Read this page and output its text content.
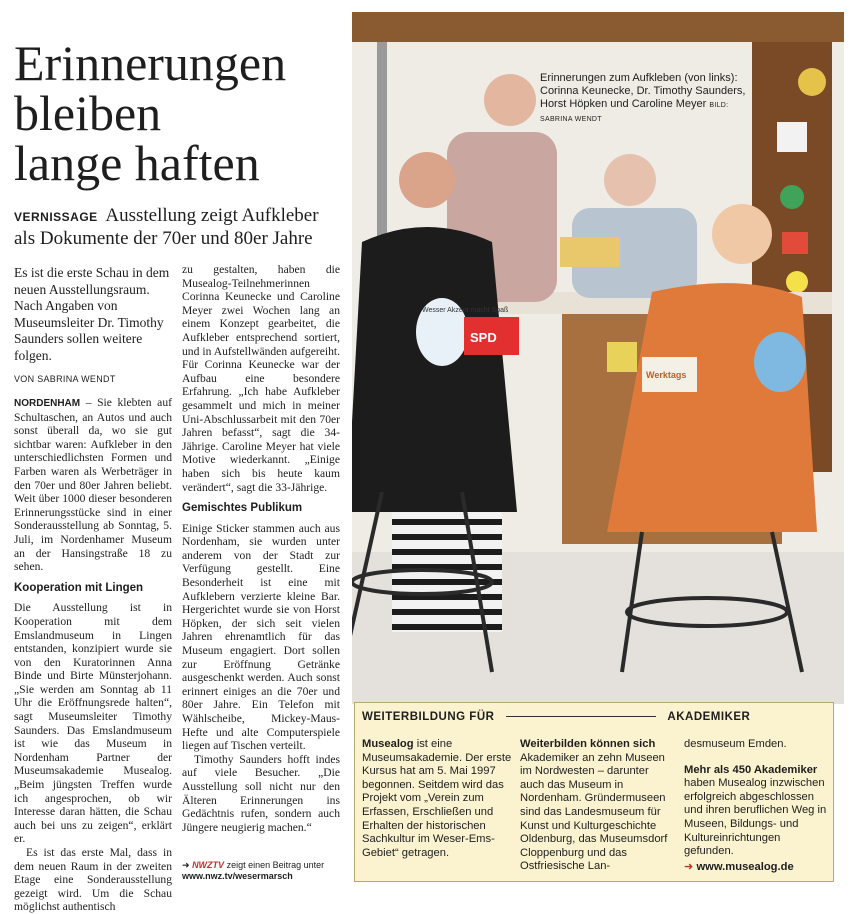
Erinnerungen
bleiben
lange haften
VERNISSAGE Ausstellung zeigt Aufkleber als Dokumente der 70er und 80er Jahre
Es ist die erste Schau in dem neuen Ausstellungsraum. Nach Angaben von Museumsleiter Dr. Timothy Saunders sollen weitere folgen.
VON SABRINA WENDT

NORDENHAM – Sie klebten auf Schultaschen, an Autos und auch sonst überall da, wo sie gut sichtbar waren: Aufkleber in den unterschiedlichsten Formen und Farben waren als Werbeträger in den 70er und 80er Jahren beliebt. Weit über 1000 dieser besonderen Erinnerungsstücke sind in einer Sonderausstellung ab Sonntag, 5. Juli, im Nordenhamer Museum an der Hansingstraße 18 zu sehen.

Kooperation mit Lingen

Die Ausstellung ist in Kooperation mit dem Emslandmuseum in Lingen entstanden, konzipiert wurde sie von den Kuratorinnen Anna Binde und Birte Münsterjohann. „Sie werden am Sonntag ab 11 Uhr die Eröffnungsrede halten“, sagt Museumsleiter Timothy Saunders. Das Emslandmuseum ist wie das Museum in Nordenham Partner der Museumsakademie Musealog. „Beim jüngsten Treffen wurde ich angesprochen, ob wir Interesse daran hätten, die Schau auch bei uns zu zeigen“, erklärt er.

Es ist das erste Mal, dass in dem neuen Raum in der zweiten Etage eine Sonderausstellung gezeigt wird. Um die Schau möglichst authentisch

zu gestalten, haben die Musealog-Teilnehmerinnen Corinna Keunecke und Caroline Meyer zwei Wochen lang an einem Konzept gearbeitet, die Aufkleber entsprechend sortiert, und in Aufstellwänden aufgereiht. Für Corinna Keunecke war der Aufbau eine besondere Erfahrung. „Ich habe Aufkleber gesammelt und mich in meiner Uni-Abschlussarbeit mit den 70er Jahren befasst“, sagt die 34-Jährige. Caroline Meyer hat viele Motive wiederkannt. „Einige haben sich bis heute kaum verändert“, sagt die 33-Jährige.

Gemischtes Publikum

Einige Sticker stammen auch aus Nordenham, sie wurden unter anderem von der Stadt zur Verfügung gestellt. Eine Besonderheit ist eine mit Aufklebern verzierte kleine Bar. Hergerichtet wurde sie von Horst Höpken, der sich seit vielen Jahren ehrenamtlich für das Museum engagiert. Dort sollen zur Eröffnung Getränke ausgeschenkt werden. Auch sonst erinnert einiges an die 70er und 80er Jahre. Ein Telefon mit Wählscheibe, Mickey-Maus-Hefte und alte Computerspiele liegen auf Tischen verteilt.

Timothy Saunders hofft indes auf viele Besucher. „Die Ausstellung soll nicht nur den Älteren Erinnerungen ins Gedächtnis rufen, sondern auch Jüngere neugierig machen.“

➜ NWZTV zeigt einen Beitrag unter www.nwz.tv/wesermarsch
Wesser Akzent macht Spaß
SPD
Werktags
Erinnerungen zum Aufkleben (von links): Corinna Keunecke, Dr. Timothy Saunders, Horst Höpken und Caroline Meyer BILD: SABRINA WENDT
WEITERBILDUNG FÜR	AKADEMIKER
Musealog ist eine Museumsakademie. Der erste Kursus hat am 5. Mai 1997 begonnen. Seitdem wird das Projekt vom „Verein zum Erfassen, Erschließen und Erhalten der historischen Sachkultur im Weser-Ems-Gebiet“ getragen.
Weiterbilden können sich Akademiker an zehn Museen im Nordwesten – darunter auch das Museum in Nordenham. Gründermuseen sind das Landesmuseum für Kunst und Kulturgeschichte Oldenburg, das Museumsdorf Cloppenburg und das Ostfriesische Lan-
desmuseum Emden.
Mehr als 450 Akademiker haben Musealog inzwischen erfolgreich abgeschlossen und ihren beruflichen Weg in Museen, Bildungs- und Kultureinrichtungen gefunden.
➜ www.musealog.de
